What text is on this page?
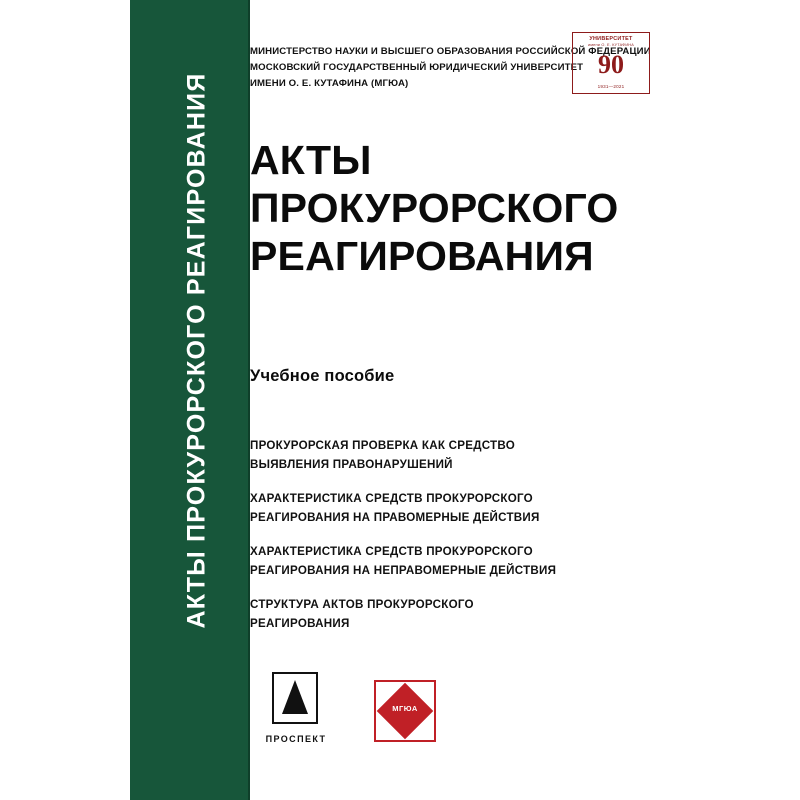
АКТЫ ПРОКУРОРСКОГО РЕАГИРОВАНИЯ
МИНИСТЕРСТВО НАУКИ И ВЫСШЕГО ОБРАЗОВАНИЯ РОССИЙСКОЙ ФЕДЕРАЦИИ
МОСКОВСКИЙ ГОСУДАРСТВЕННЫЙ ЮРИДИЧЕСКИЙ УНИВЕРСИТЕТ
ИМЕНИ О. Е. КУТАФИНА (МГЮА)
УНИВЕРСИТЕТ
имени О. Е. КУТАФИНА
90
1931—2021
АКТЫ
ПРОКУРОРСКОГО
РЕАГИРОВАНИЯ
Учебное пособие
ПРОКУРОРСКАЯ ПРОВЕРКА КАК СРЕДСТВО
ВЫЯВЛЕНИЯ ПРАВОНАРУШЕНИЙ
ХАРАКТЕРИСТИКА СРЕДСТВ ПРОКУРОРСКОГО
РЕАГИРОВАНИЯ НА ПРАВОМЕРНЫЕ ДЕЙСТВИЯ
ХАРАКТЕРИСТИКА СРЕДСТВ ПРОКУРОРСКОГО
РЕАГИРОВАНИЯ НА НЕПРАВОМЕРНЫЕ ДЕЙСТВИЯ
СТРУКТУРА АКТОВ ПРОКУРОРСКОГО
РЕАГИРОВАНИЯ
ПРОСПЕКТ
МГЮА
